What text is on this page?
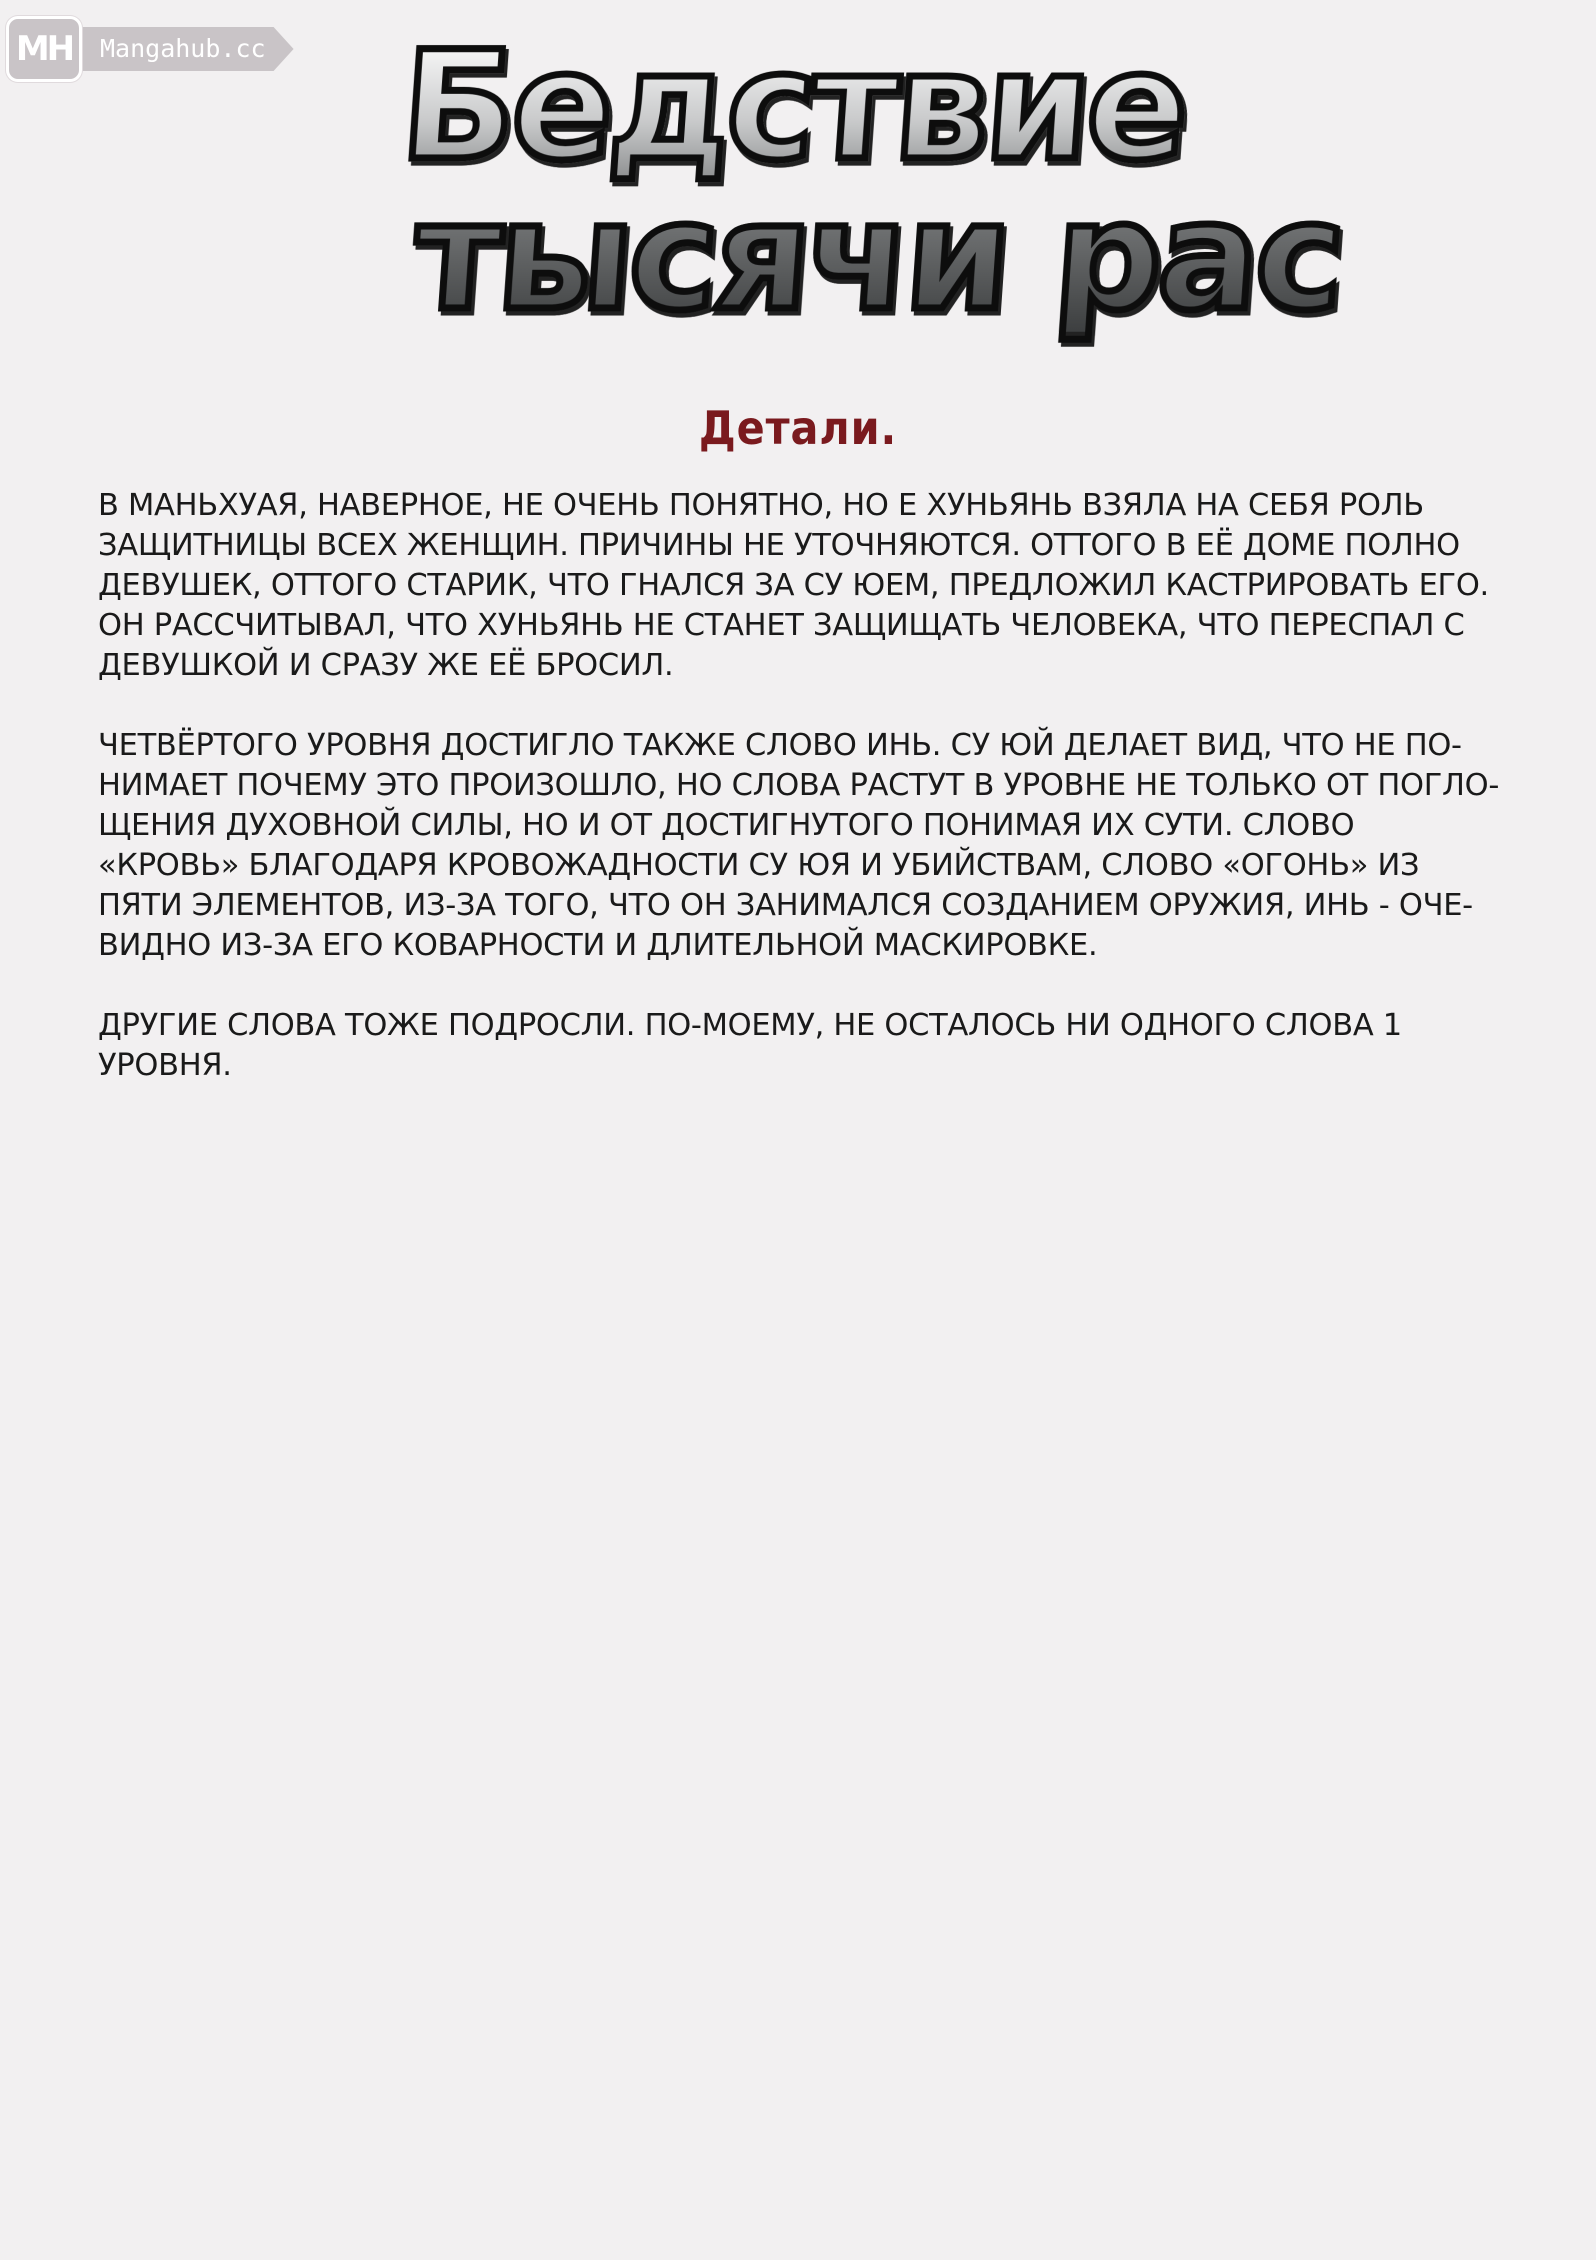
MH	Бедствие
тысячи рас
Детали.

В МАНЬХУАЯ, НАВЕРНОЕ, НЕ ОЧЕНЬ ПОНЯТНО, НО Е ХУНЬЯНЬ ВЗЯЛА НА СЕБЯ РОЛЬ
ЗАЩИТНИЦЫ ВСЕХ ЖЕНЩИН. ПРИЧИНЫ НЕ УТОЧНЯЮТСЯ. ОТТОГО В ЕЁ ДОМЕ ПОЛНО
ДЕВУШЕК, ОТТОГО СТАРИК, ЧТО ГНАЛСЯ ЗА СУ ЮЕМ, ПРЕДЛОЖИЛ КАСТРИРОВАТЬ ЕГО.
ОН РАССЧИТЫВАЛ, ЧТО ХУНЬЯНЬ НЕ СТАНЕТ ЗАЩИЩАТЬ ЧЕЛОВЕКА, ЧТО ПЕРЕСПАЛ С
ДЕВУШКОЙ И СРАЗУ ЖЕ ЕЁ БРОСИЛ.

ЧЕТВЁРТОГО УРОВНЯ ДОСТИГЛО ТАКЖЕ СЛОВО ИНЬ. СУ ЮЙ ДЕЛАЕТ ВИД, ЧТО НЕ ПО-
НИМАЕТ ПОЧЕМУ ЭТО ПРОИЗОШЛО, НО СЛОВА РАСТУТ В УРОВНЕ НЕ ТОЛЬКО ОТ ПОГЛО-
ЩЕНИЯ ДУХОВНОЙ СИЛЫ, НО И ОТ ДОСТИГНУТОГО ПОНИМАЯ ИХ СУТИ. СЛОВО
«КРОВЬ» БЛАГОДАРЯ КРОВОЖАДНОСТИ СУ ЮЯ И УБИЙСТВАМ, СЛОВО «ОГОНЬ» ИЗ
ПЯТИ ЭЛЕМЕНТОВ, ИЗ-ЗА ТОГО, ЧТО ОН ЗАНИМАЛСЯ СОЗДАНИЕМ ОРУЖИЯ, ИНЬ - ОЧЕ-
ВИДНО ИЗ-ЗА ЕГО КОВАРНОСТИ И ДЛИТЕЛЬНОЙ МАСКИРОВКЕ.

ДРУГИЕ СЛОВА ТОЖЕ ПОДРОСЛИ. ПО-МОЕМУ, НЕ ОСТАЛОСЬ НИ ОДНОГО СЛОВА 1
УРОВНЯ.
